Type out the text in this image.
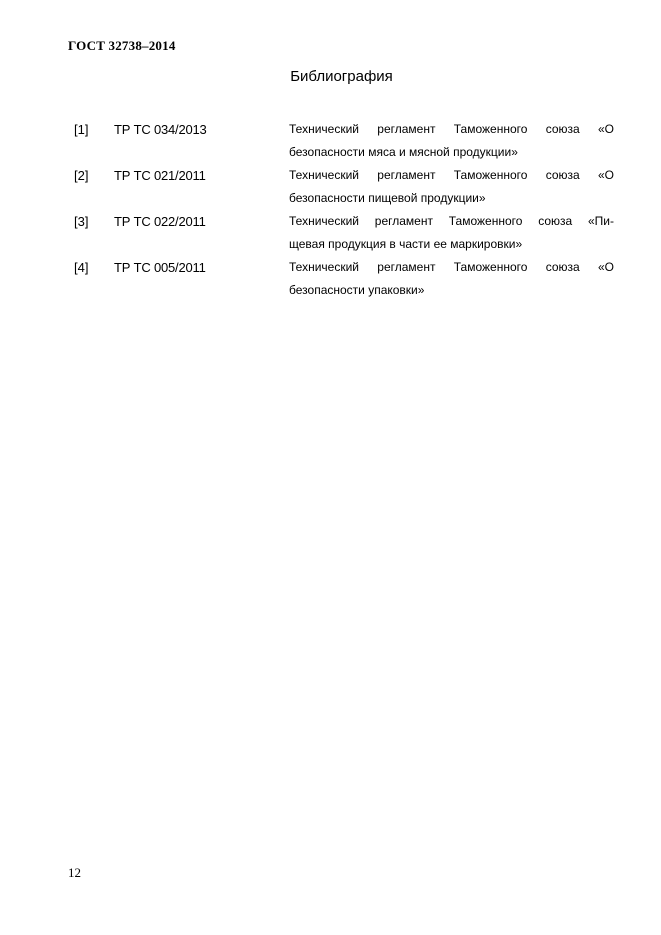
ГОСТ 32738–2014
Библиография
[1] ТР ТС 034/2013	Технический регламент Таможенного союза «О
безопасности мяса и мясной продукции»
[2] ТР ТС 021/2011	Технический регламент Таможенного союза «О
безопасности пищевой продукции»
[3] ТР ТС 022/2011	Технический регламент Таможенного союза «Пи-
щевая продукция в части ее маркировки»
[4] ТР ТС 005/2011	Технический регламент Таможенного союза «О
безопасности упаковки»
12
